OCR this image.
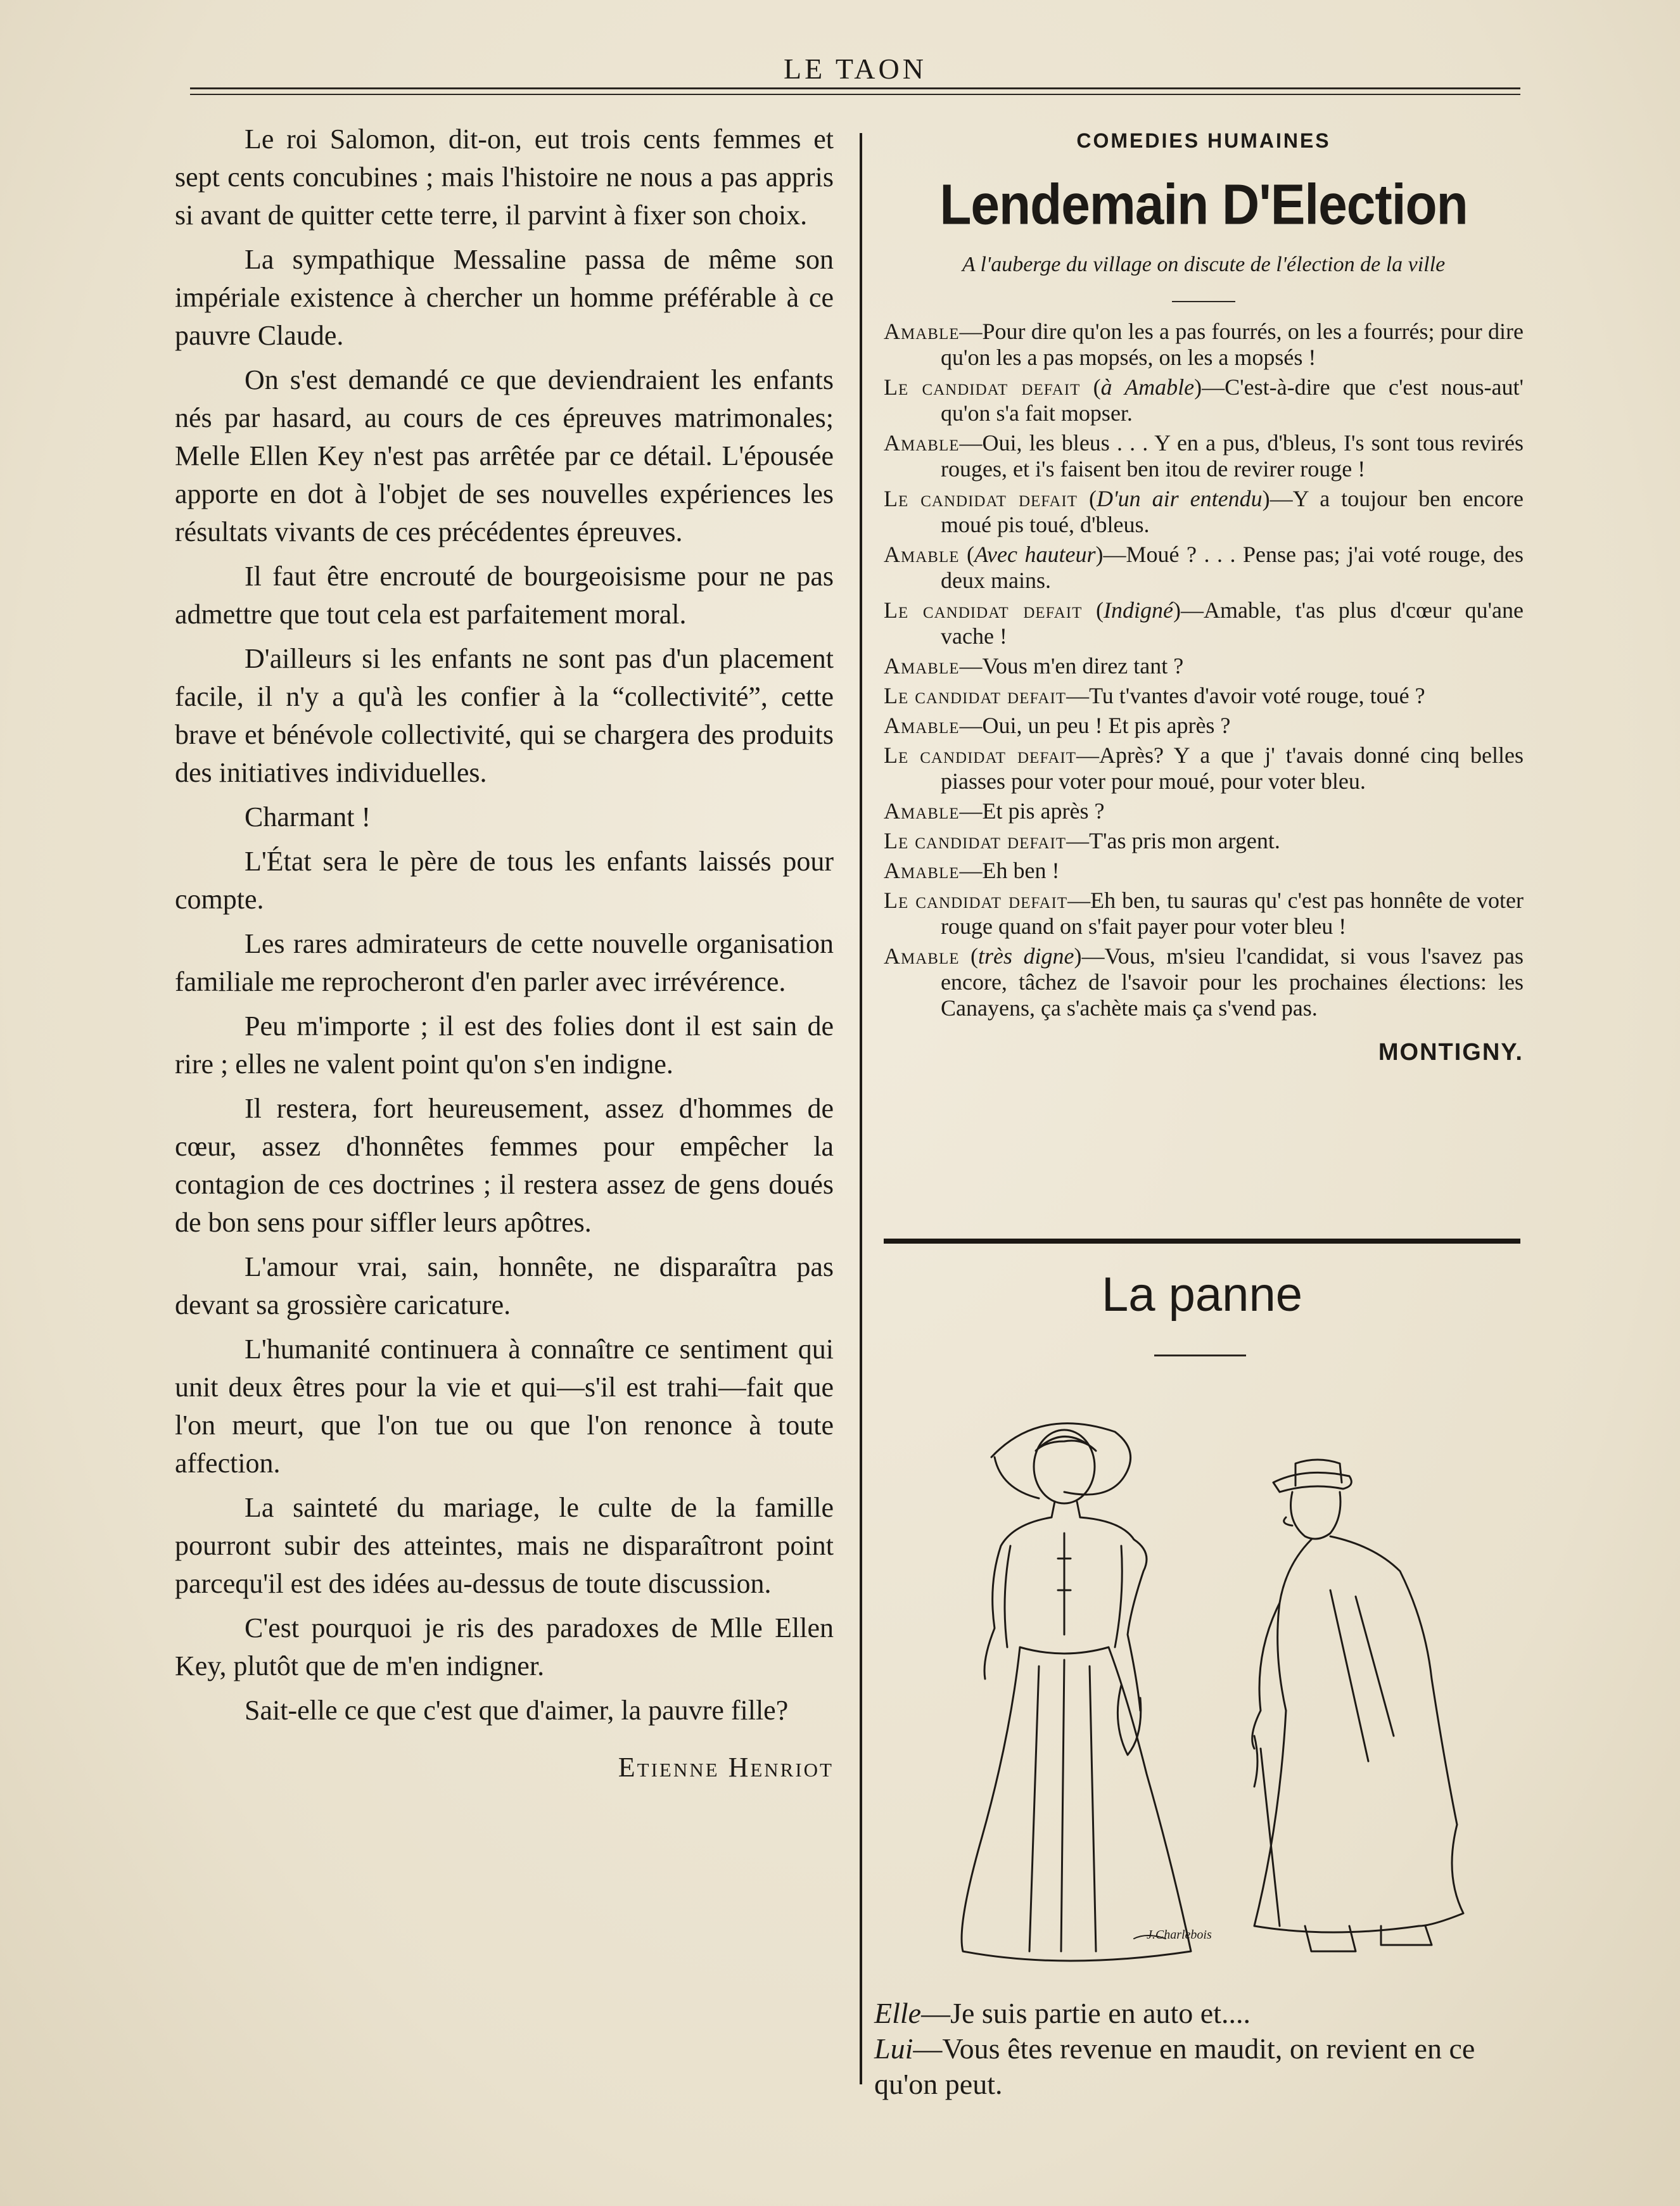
LE TAON

Le roi Salomon, dit-on, eut trois cents femmes et sept cents concubines ; mais l'histoire ne nous a pas appris si avant de quitter cette terre, il parvint à fixer son choix.

La sympathique Messaline passa de même son impériale existence à chercher un homme préférable à ce pauvre Claude.

On s'est demandé ce que deviendraient les enfants nés par hasard, au cours de ces épreuves matrimonales; Melle Ellen Key n'est pas arrêtée par ce détail. L'épousée apporte en dot à l'objet de ses nouvelles expériences les résultats vivants de ces précédentes épreuves.

Il faut être encrouté de bourgeoisisme pour ne pas admettre que tout cela est parfaitement moral.

D'ailleurs si les enfants ne sont pas d'un placement facile, il n'y a qu'à les confier à la “collectivité”, cette brave et bénévole collectivité, qui se chargera des produits des initiatives individuelles.

Charmant !

L'État sera le père de tous les enfants laissés pour compte.

Les rares admirateurs de cette nouvelle organisation familiale me reprocheront d'en parler avec irrévérence.

Peu m'importe ; il est des folies dont il est sain de rire ; elles ne valent point qu'on s'en indigne.

Il restera, fort heureusement, assez d'hommes de cœur, assez d'honnêtes femmes pour empêcher la contagion de ces doctrines ; il restera assez de gens doués de bon sens pour siffler leurs apôtres.

L'amour vrai, sain, honnête, ne disparaîtra pas devant sa grossière caricature.

L'humanité continuera à connaître ce sentiment qui unit deux êtres pour la vie et qui—s'il est trahi—fait que l'on meurt, que l'on tue ou que l'on renonce à toute affection.

La sainteté du mariage, le culte de la famille pourront subir des atteintes, mais ne disparaîtront point parcequ'il est des idées au-dessus de toute discussion.

C'est pourquoi je ris des paradoxes de Mlle Ellen Key, plutôt que de m'en indigner.

Sait-elle ce que c'est que d'aimer, la pauvre fille?

Etienne Henriot

COMEDIES HUMAINES
Lendemain D'Election
A l'auberge du village on discute de l'élection de la ville
Amable—Pour dire qu'on les a pas fourrés, on les a fourrés; pour dire qu'on les a pas mopsés, on les a mopsés !
Le candidat defait (à Amable)—C'est-à-dire que c'est nous-aut' qu'on s'a fait mopser.
Amable—Oui, les bleus . . . Y en a pus, d'bleus, I's sont tous revirés rouges, et i's faisent ben itou de revirer rouge !
Le candidat defait (D'un air entendu)—Y a toujour ben encore moué pis toué, d'bleus.
Amable (Avec hauteur)—Moué ? . . . Pense pas; j'ai voté rouge, des deux mains.
Le candidat defait (Indigné)—Amable, t'as plus d'cœur qu'ane vache !
Amable—Vous m'en direz tant ?
Le candidat defait—Tu t'vantes d'avoir voté rouge, toué ?
Amable—Oui, un peu ! Et pis après ?
Le candidat defait—Après? Y a que j' t'avais donné cinq belles piasses pour voter pour moué, pour voter bleu.
Amable—Et pis après ?
Le candidat defait—T'as pris mon argent.
Amable—Eh ben !
Le candidat defait—Eh ben, tu sauras qu' c'est pas honnête de voter rouge quand on s'fait payer pour voter bleu !
Amable (très digne)—Vous, m'sieu l'candidat, si vous l'savez pas encore, tâchez de l'savoir pour les prochaines élections: les Canayens, ça s'achète mais ça s'vend pas.
MONTIGNY.
La panne
J.Charlebois

Elle—Je suis partie en auto et....

Lui—Vous êtes revenue en maudit, on revient en ce qu'on peut.
